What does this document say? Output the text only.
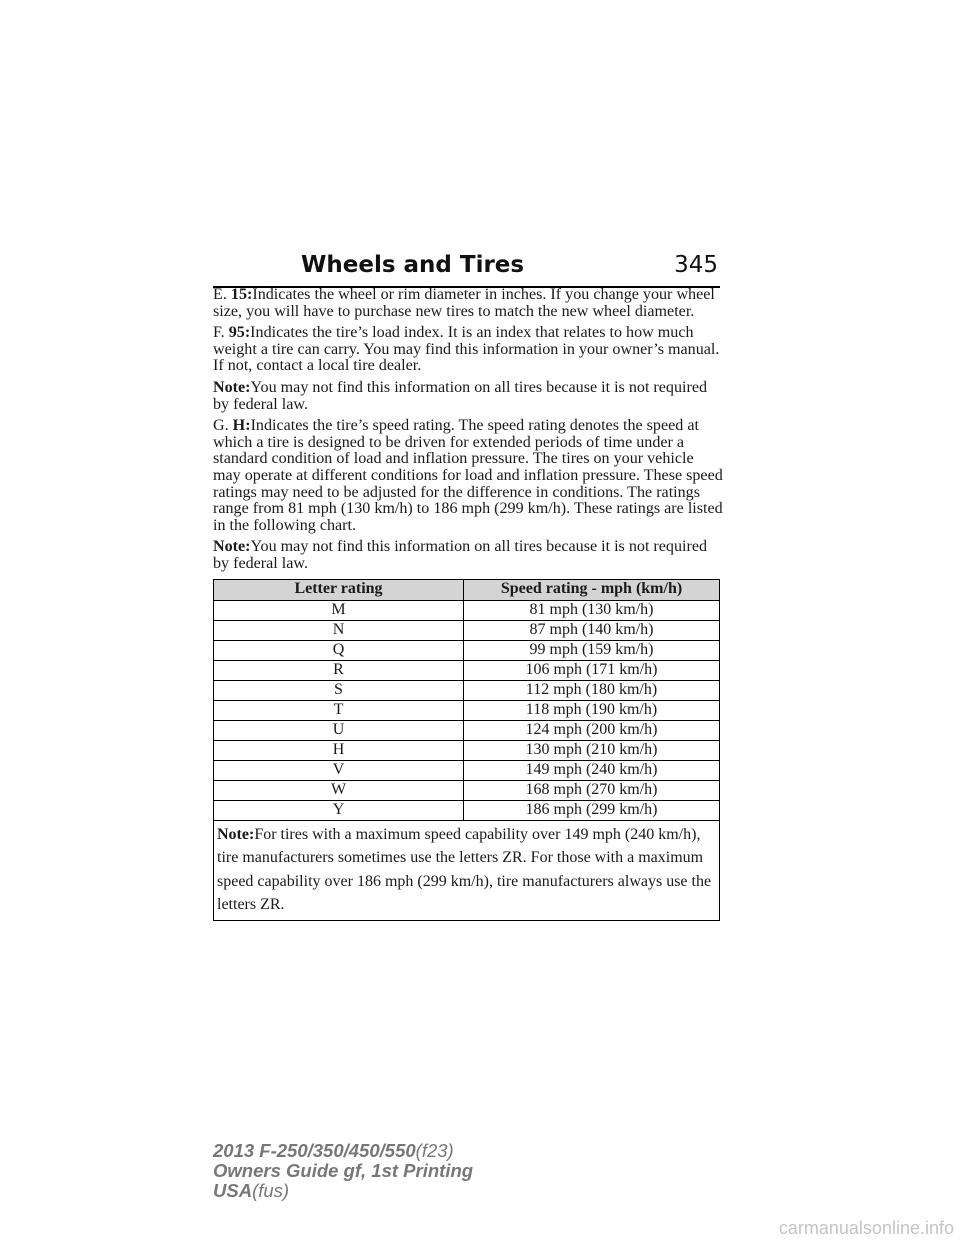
Wheels and Tires	345

E. 15:Indicates the wheel or rim diameter in inches. If you change your wheel size, you will have to purchase new tires to match the new wheel diameter.

F. 95:Indicates the tire’s load index. It is an index that relates to how much weight a tire can carry. You may find this information in your owner’s manual. If not, contact a local tire dealer.

Note:You may not find this information on all tires because it is not required by federal law.

G. H:Indicates the tire’s speed rating. The speed rating denotes the speed at which a tire is designed to be driven for extended periods of time under a standard condition of load and inflation pressure. The tires on your vehicle may operate at different conditions for load and inflation pressure. These speed ratings may need to be adjusted for the difference in conditions. The ratings range from 81 mph (130 km/h) to 186 mph (299 km/h). These ratings are listed in the following chart.

Note:You may not find this information on all tires because it is not required by federal law.

Letter rating	Speed rating - mph (km/h)
M	81 mph (130 km/h)
N	87 mph (140 km/h)
Q	99 mph (159 km/h)
R	106 mph (171 km/h)
S	112 mph (180 km/h)
T	118 mph (190 km/h)
U	124 mph (200 km/h)
H	130 mph (210 km/h)
V	149 mph (240 km/h)
W	168 mph (270 km/h)
Y	186 mph (299 km/h)
Note:For tires with a maximum speed capability over 149 mph (240 km/h), tire manufacturers sometimes use the letters ZR. For those with a maximum speed capability over 186 mph (299 km/h), tire manufacturers always use the letters ZR.	
2013 F-250/350/450/550(f23)
Owners Guide gf, 1st Printing
USA(fus)
carmanualsonline.info
